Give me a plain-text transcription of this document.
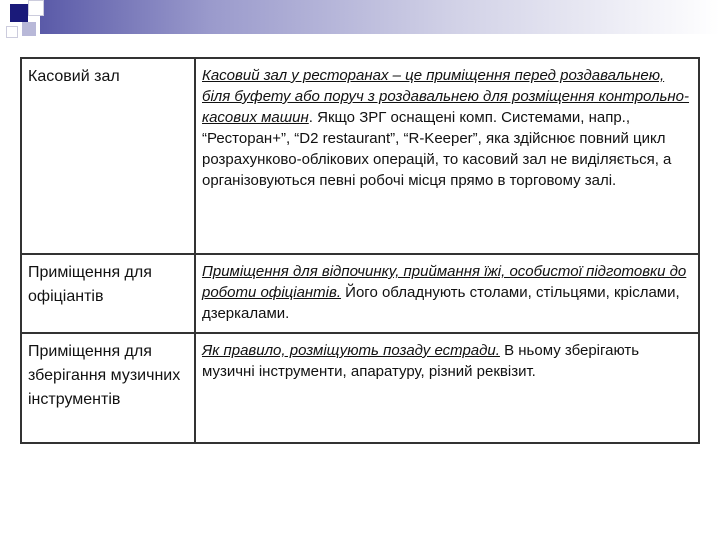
Касовий зал	Касовий зал у ресторанах – це приміщення перед роздавальнею, біля буфету або поруч з роздавальнею для розміщення контрольно-касових машин. Якщо ЗРГ оснащені комп. Системами, напр., “Ресторан+”, “D2 restaurant”, “R-Keeper”, яка здійснює повний цикл розрахунково-облікових операцій, то касовий зал не виділяється, а організовуються певні робочі місця прямо в торговому залі.
Приміщення для офіціантів	Приміщення для відпочинку, приймання їжі, особистої підготовки до роботи офіціантів. Його обладнують столами, стільцями, кріслами, дзеркалами.
Приміщення для зберігання музичних інструментів	Як правило, розміщують позаду естради. В ньому зберігають музичні інструменти, апаратуру, різний реквізит.
